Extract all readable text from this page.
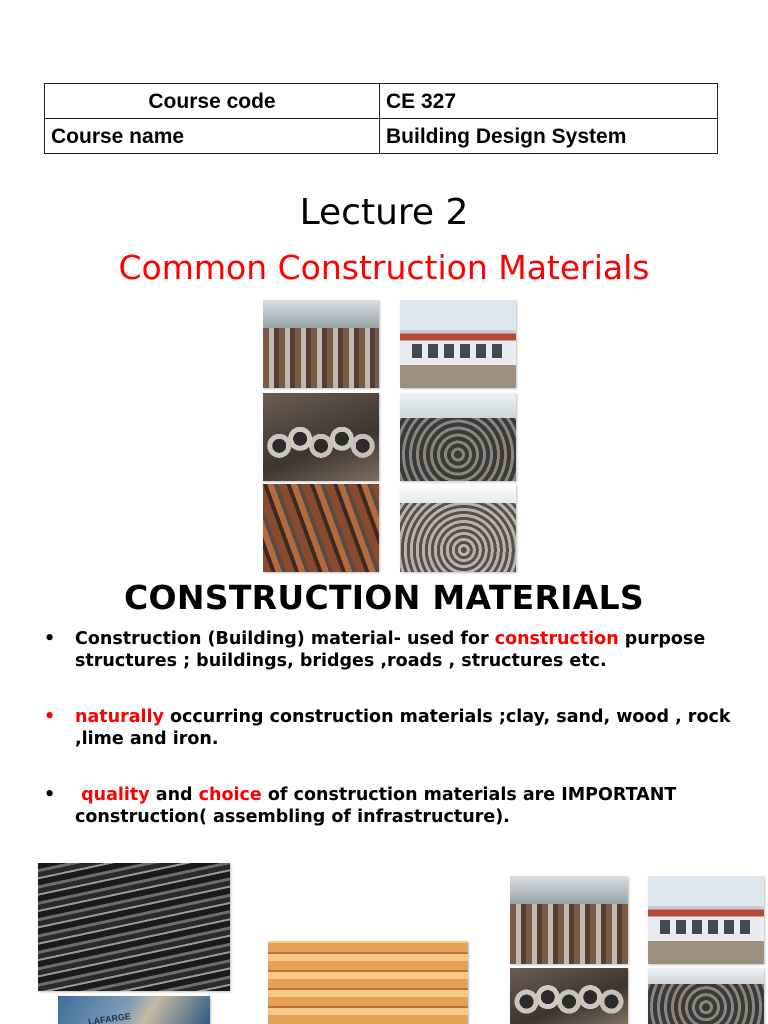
Course code	CE 327
Course name	Building Design System
Lecture 2
Common Construction Materials
CONSTRUCTION MATERIALS
• Construction (Building) material- used for construction purpose structures ; buildings, bridges ,roads , structures etc.
• naturally occurring construction materials ;clay, sand, wood , rock ,lime and iron.
• quality and choice of construction materials are IMPORTANT construction( assembling of infrastructure).
LAFARGE
